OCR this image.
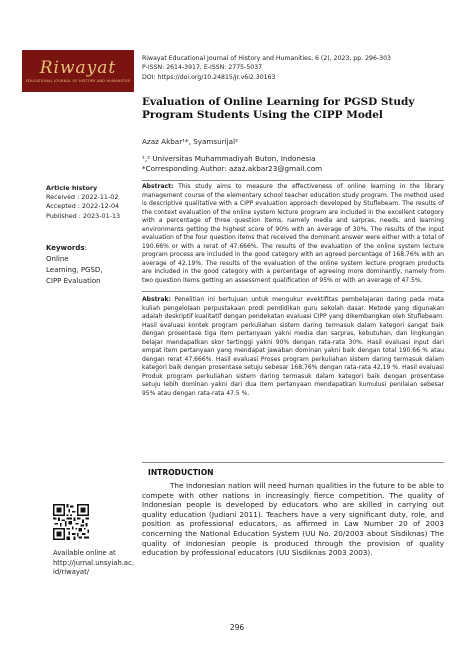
Riwayat
EDUCATIONAL JOURNAL OF HISTORY AND HUMANITIES
Riwayat Educational Journal of History and Humanities, 6 (2), 2023, pp. 296-303
P-ISSN: 2614-3917, E-ISSN: 2775-5037
DOI: https://doi.org/10.24815/jr.v6i2.30163
Evaluation of Online Learning for PGSD Study Program Students Using the CIPP Model
Azaz Akbar¹*, Syamsurijal²
¹,² Universitas Muhammadiyah Buton, Indonesia
*Corresponding Author: azaz.akbar23@gmail.com
Article history
Received : 2022-11-02
Accepted : 2022-12-04
Published : 2023-01-13
Keywords:
Online
Learning, PGSD,
CIPP Evaluation
Abstract: This study aims to measure the effectiveness of online learning in the library management course of the elementary school teacher education study program. The method used is descriptive qualitative with a CIPP evaluation approach developed by Stuflebeam. The results of the context evaluation of the online system lecture program are included in the excellent category with a percentage of three question items, namely media and sarpras, needs, and learning environments getting the highest score of 90% with an average of 30%. The results of the input evaluation of the four question items that received the dominant answer were either with a total of 190.66% or with a rerat of 47.666%. The results of the evaluation of the online system lecture program process are included in the good category with an agreed percentage of 168.76% with an average of 42.19%. The results of the evaluation of the online system lecture program products are included in the good category with a percentage of agreeing more dominantly, namely from two question items getting an assessment qualification of 95% or with an average of 47.5%.
Abstrak: Penelitian ini bertujuan untuk mengukur evektifitas pembelajaran daring pada mata kuliah pengelolaan perpustakaan prodi pendidikan guru sekolah dasar. Metode yang digunakan adalah deskriptif kualitatif dengan pendekatan evaluasi CIPP yang dikembangkan oleh Stuflebeam. Hasil evaluasi kontek program perkuliahan sistem daring termasuk dalam kategori sangat baik dengan prosentase tiga item pertanyaan yakni media dan sarpras, kebutuhan, dan lingkungan belajar mendapatkan skor tertinggi yakni 90% dengan rata-rata 30%. Hasil evaluasi input dari empat item pertanyaan yang mendapat jawaban dominan yakni baik dengan total 190.66 % atau dengan rerat 47,666%. Hasil evaluasi Proses program perkuliahan sistem daring termasuk dalam kategori baik dengan prosentase setuju sebesar 168,76% dengan rata-rata 42,19 %. Hasil evaluasi Produk program perkuliahan sistem daring termasuk dalam kategori baik dengan prosentase setuju lebih dominan yakni dari dua item pertanyaan mendapatkan kumulusi penilaian sebesar 95% atau dengan rata-rata 47.5 %.
INTRODUCTION

The Indonesian nation will need human qualities in the future to be able to compete with other nations in increasingly fierce competition. The quality of Indonesian people is developed by educators who are skilled in carrying out quality education (Judiani 2011). Teachers have a very significant duty, role, and position as professional educators, as affirmed in Law Number 20 of 2003 concerning the National Education System (UU No. 20/2003 about Sisdiknas) The quality of Indonesian people is produced through the provision of quality education by professional educators (UU Sisdiknas 2003 2003).

Available online at
http://jurnal.unsyiah.ac.
id/riwayat/
296
